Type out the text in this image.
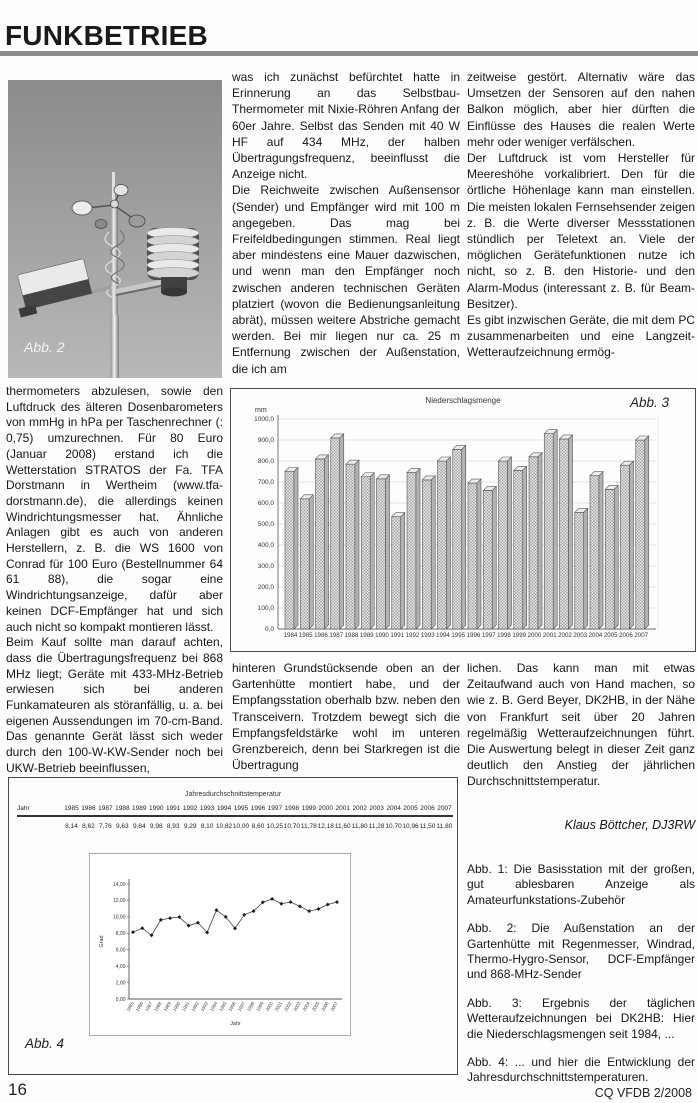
FUNKBETRIEB
Abb. 2

thermometers abzulesen, sowie den Luftdruck des älteren Dosenbarometers von mmHg in hPa per Taschenrechner (: 0,75) umzurechnen. Für 80 Euro (Januar 2008) erstand ich die Wetterstation STRATOS der Fa. TFA Dorstmann in Wertheim (www.tfa-dorstmann.de), die allerdings keinen Windrichtungsmesser hat. Ähnliche Anlagen gibt es auch von anderen Herstellern, z. B. die WS 1600 von Conrad für 100 Euro (Bestellnummer 64 61 88), die sogar eine Windrichtungsanzeige, dafür aber keinen DCF-Empfänger hat und sich auch nicht so kompakt montieren lässt.

Beim Kauf sollte man darauf achten, dass die Übertragungsfrequenz bei 868 MHz liegt; Geräte mit 433-MHz-Betrieb erwiesen sich bei anderen Funkamateuren als störanfällig, u. a. bei eigenen Aussendungen im 70-cm-Band. Das genannte Gerät lässt sich weder durch den 100-W-KW-Sender noch bei UKW-Betrieb beeinflussen,

was ich zunächst befürchtet hatte in Erinnerung an das Selbstbau-Thermometer mit Nixie-Röhren Anfang der 60er Jahre. Selbst das Senden mit 40 W HF auf 434 MHz, der halben Übertragungsfrequenz, beeinflusst die Anzeige nicht.

Die Reichweite zwischen Außensensor (Sender) und Empfänger wird mit 100 m angegeben. Das mag bei Freifeldbedingungen stimmen. Real liegt aber mindestens eine Mauer dazwischen, und wenn man den Empfänger noch zwischen anderen technischen Geräten platziert (wovon die Bedienungsanleitung abrät), müssen weitere Abstriche gemacht werden. Bei mir liegen nur ca. 25 m Entfernung zwischen der Außenstation, die ich am

zeitweise gestört. Alternativ wäre das Umsetzen der Sensoren auf den nahen Balkon möglich, aber hier dürften die Einflüsse des Hauses die realen Werte mehr oder weniger verfälschen.

Der Luftdruck ist vom Hersteller für Meereshöhe vorkalibriert. Den für die örtliche Höhenlage kann man einstellen. Die meisten lokalen Fernsehsender zeigen z. B. die Werte diverser Messstationen stündlich per Teletext an. Viele der möglichen Gerätefunktionen nutze ich nicht, so z. B. den Historie- und den Alarm-Modus (interessant z. B. für Beam-Besitzer).

Es gibt inzwischen Geräte, die mit dem PC zusammenarbeiten und eine Langzeit-Wetteraufzeichnung ermög-

0,0
100,0
200,0
300,0
400,0
500,0
600,0
700,0
800,0
900,0
1000,0
1984 1985 1986 1987 1988 1989 1990 1991 1992 1993 1994 1995 1996 1997 1998 1999 2000 2001 2002 2003 2004 2005 2006 2007
Niederschlagsmenge
mm
Abb. 3

hinteren Grundstücksende oben an der Gartenhütte montiert habe, und der Empfangsstation oberhalb bzw. neben den Transceivern. Trotzdem bewegt sich die Empfangsfeldstärke wohl im unteren Grenzbereich, denn bei Starkregen ist die Übertragung

lichen. Das kann man mit etwas Zeitaufwand auch von Hand machen, so wie z. B. Gerd Beyer, DK2HB, in der Nähe von Frankfurt seit über 20 Jahren regelmäßig Wetteraufzeichnungen führt. Die Auswertung belegt in dieser Zeit ganz deutlich den Anstieg der jährlichen Durchschnittstemperatur.

Klaus Böttcher, DJ3RW

Abb. 1: Die Basisstation mit der großen, gut ablesbaren Anzeige als Amateurfunkstations-Zubehör

Abb. 2: Die Außenstation an der Gartenhütte mit Regenmesser, Windrad, Thermo-Hygro-Sensor, DCF-Empfänger und 868-MHz-Sender

Abb. 3: Ergebnis der täglichen Wetteraufzeichnungen bei DK2HB: Hier die Niederschlagsmengen seit 1984, ...

Abb. 4: ... und hier die Entwicklung der Jahresdurchschnittstemperaturen.

Jahresdurchschnittstemperatur
Jahr	1985 1986 1987 1988 1989 1990 1991 1992 1993 1994 1995 1996 1997 1998 1999 2000 2001 2002 2003 2004 2005 2006 2007
8,14 8,62 7,76 9,63 9,84 9,98 8,93 9,29 8,10 10,82 10,00 8,60 10,25 10,70 11,78 12,18 11,60 11,80 11,28 10,70 10,96 11,50 11,80
0,00
2,00
4,00
6,00
8,00
10,00
12,00
14,00
1985 1986 1987 1988 1989 1990 1991 1992 1993 1994 1995 1996 1997 1998 1999 2000 2001 2002 2003 2004 2005 2006 2007
Grad
Jahr
Abb. 4
16	CQ VFDB 2/2008
